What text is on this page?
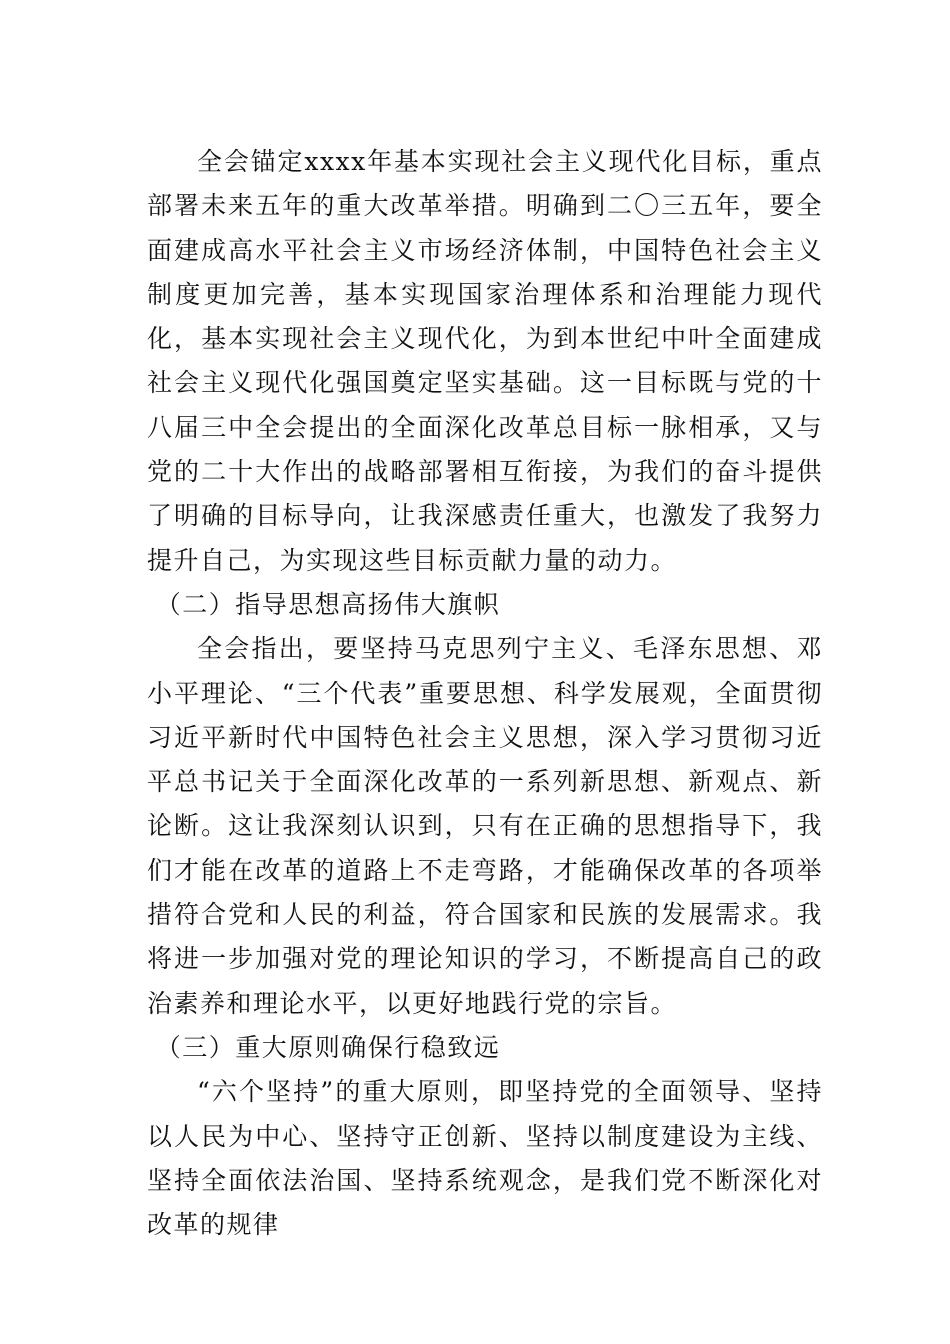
全会锚定xxxx年基本实现社会主义现代化目标，重点部署未来五年的重大改革举措。明确到二〇三五年，要全面建成高水平社会主义市场经济体制，中国特色社会主义制度更加完善，基本实现国家治理体系和治理能力现代化，基本实现社会主义现代化，为到本世纪中叶全面建成社会主义现代化强国奠定坚实基础。这一目标既与党的十八届三中全会提出的全面深化改革总目标一脉相承，又与党的二十大作出的战略部署相互衔接，为我们的奋斗提供了明确的目标导向，让我深感责任重大，也激发了我努力提升自己，为实现这些目标贡献力量的动力。

（二）指导思想高扬伟大旗帜

全会指出，要坚持马克思列宁主义、毛泽东思想、邓小平理论、“三个代表”重要思想、科学发展观，全面贯彻习近平新时代中国特色社会主义思想，深入学习贯彻习近平总书记关于全面深化改革的一系列新思想、新观点、新论断。这让我深刻认识到，只有在正确的思想指导下，我们才能在改革的道路上不走弯路，才能确保改革的各项举措符合党和人民的利益，符合国家和民族的发展需求。我将进一步加强对党的理论知识的学习，不断提高自己的政治素养和理论水平，以更好地践行党的宗旨。

（三）重大原则确保行稳致远

“六个坚持”的重大原则，即坚持党的全面领导、坚持以人民为中心、坚持守正创新、坚持以制度建设为主线、坚持全面依法治国、坚持系统观念，是我们党不断深化对改革的规律
